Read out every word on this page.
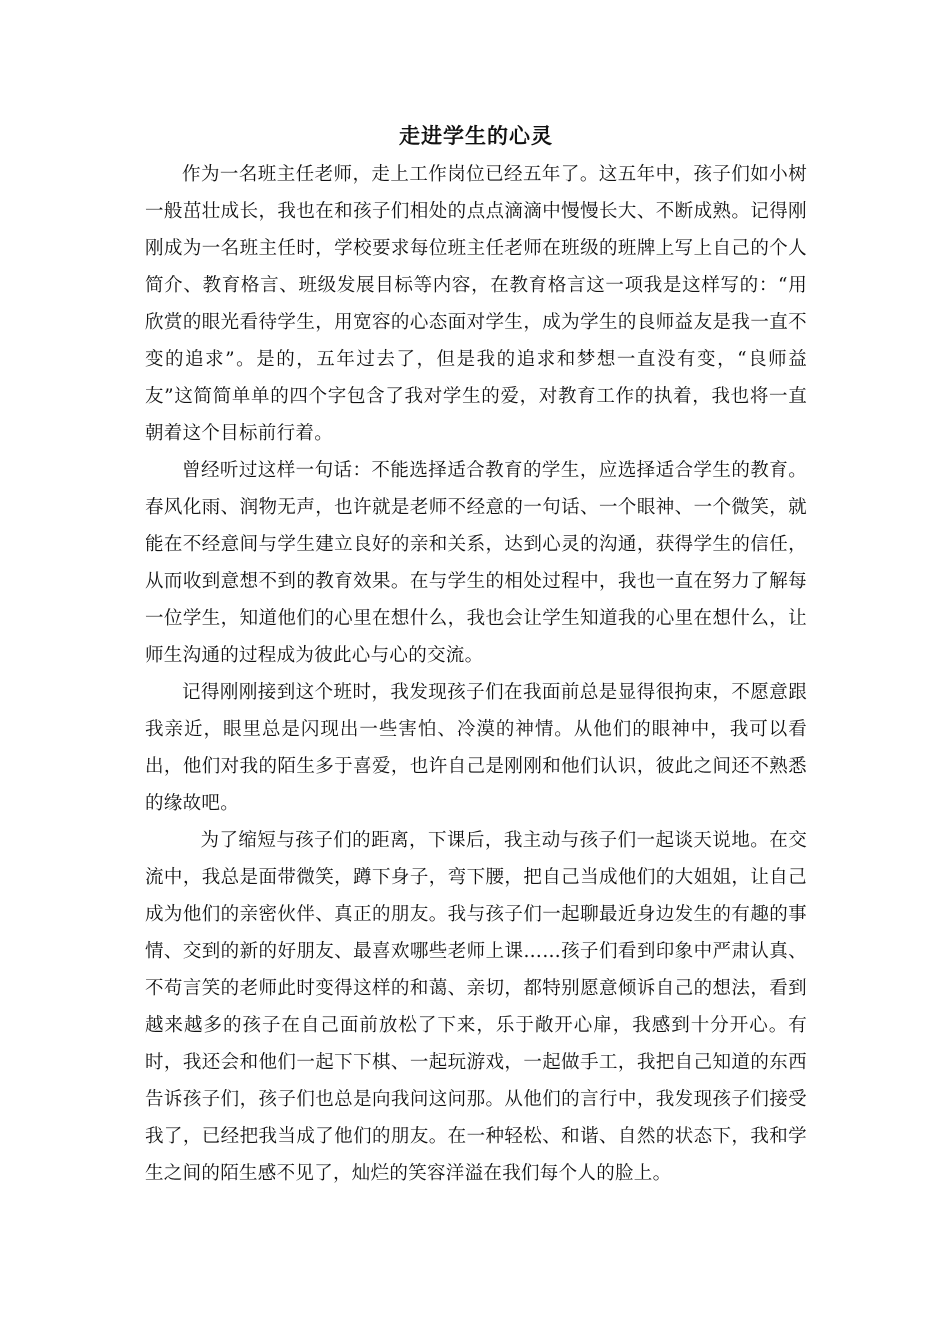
走进学生的心灵

作为一名班主任老师，走上工作岗位已经五年了。这五年中，孩子们如小树一般茁壮成长，我也在和孩子们相处的点点滴滴中慢慢长大、不断成熟。记得刚刚成为一名班主任时，学校要求每位班主任老师在班级的班牌上写上自己的个人简介、教育格言、班级发展目标等内容，在教育格言这一项我是这样写的：“用欣赏的眼光看待学生，用宽容的心态面对学生，成为学生的良师益友是我一直不变的追求”。是的，五年过去了，但是我的追求和梦想一直没有变，“良师益友”这简简单单的四个字包含了我对学生的爱，对教育工作的执着，我也将一直朝着这个目标前行着。

曾经听过这样一句话：不能选择适合教育的学生，应选择适合学生的教育。春风化雨、润物无声，也许就是老师不经意的一句话、一个眼神、一个微笑，就能在不经意间与学生建立良好的亲和关系，达到心灵的沟通，获得学生的信任，从而收到意想不到的教育效果。在与学生的相处过程中，我也一直在努力了解每一位学生，知道他们的心里在想什么，我也会让学生知道我的心里在想什么，让师生沟通的过程成为彼此心与心的交流。

记得刚刚接到这个班时，我发现孩子们在我面前总是显得很拘束，不愿意跟我亲近，眼里总是闪现出一些害怕、冷漠的神情。从他们的眼神中，我可以看出，他们对我的陌生多于喜爱，也许自己是刚刚和他们认识，彼此之间还不熟悉的缘故吧。

为了缩短与孩子们的距离，下课后，我主动与孩子们一起谈天说地。在交流中，我总是面带微笑，蹲下身子，弯下腰，把自己当成他们的大姐姐，让自己成为他们的亲密伙伴、真正的朋友。我与孩子们一起聊最近身边发生的有趣的事情、交到的新的好朋友、最喜欢哪些老师上课……孩子们看到印象中严肃认真、不苟言笑的老师此时变得这样的和蔼、亲切，都特别愿意倾诉自己的想法，看到越来越多的孩子在自己面前放松了下来，乐于敞开心扉，我感到十分开心。有时，我还会和他们一起下下棋、一起玩游戏，一起做手工，我把自己知道的东西告诉孩子们，孩子们也总是向我问这问那。从他们的言行中，我发现孩子们接受我了，已经把我当成了他们的朋友。在一种轻松、和谐、自然的状态下，我和学生之间的陌生感不见了，灿烂的笑容洋溢在我们每个人的脸上。
